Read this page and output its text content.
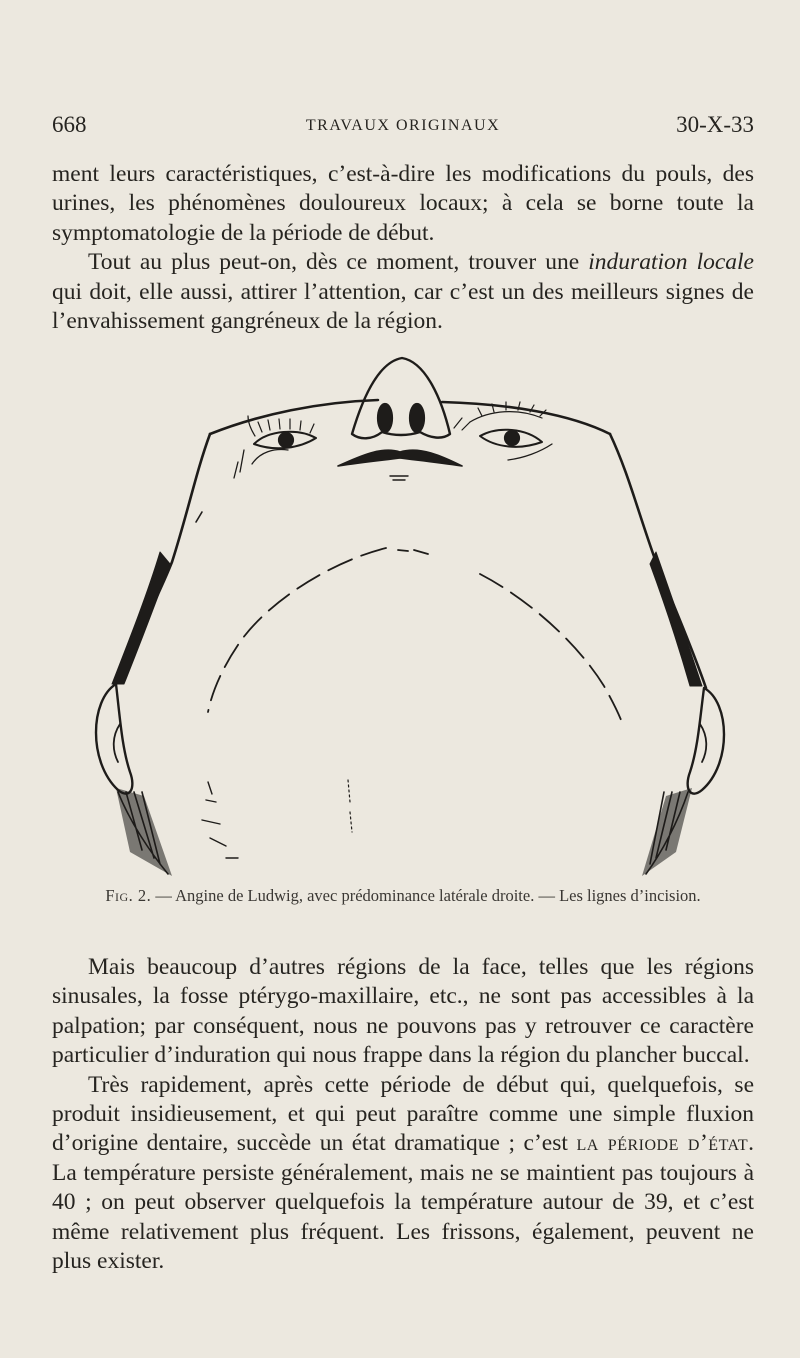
668	TRAVAUX ORIGINAUX	30-X-33

ment leurs caractéristiques, c’est-à-dire les modifications du pouls, des urines, les phénomènes douloureux locaux; à cela se borne toute la symptomatologie de la période de début.

Tout au plus peut-on, dès ce moment, trouver une induration locale qui doit, elle aussi, attirer l’attention, car c’est un des meilleurs signes de l’envahissement gangréneux de la région.

Fig. 2. — Angine de Ludwig, avec prédominance latérale droite. — Les lignes d’incision.

Mais beaucoup d’autres régions de la face, telles que les régions sinusales, la fosse ptérygo-maxillaire, etc., ne sont pas accessibles à la palpation; par conséquent, nous ne pouvons pas y retrouver ce caractère particulier d’induration qui nous frappe dans la région du plancher buccal.

Très rapidement, après cette période de début qui, quelquefois, se produit insidieusement, et qui peut paraître comme une simple fluxion d’origine dentaire, succède un état dramatique ; c’est la période d’état. La température persiste généralement, mais ne se maintient pas toujours à 40 ; on peut observer quelquefois la température autour de 39, et c’est même relativement plus fréquent. Les frissons, également, peuvent ne plus exister.
